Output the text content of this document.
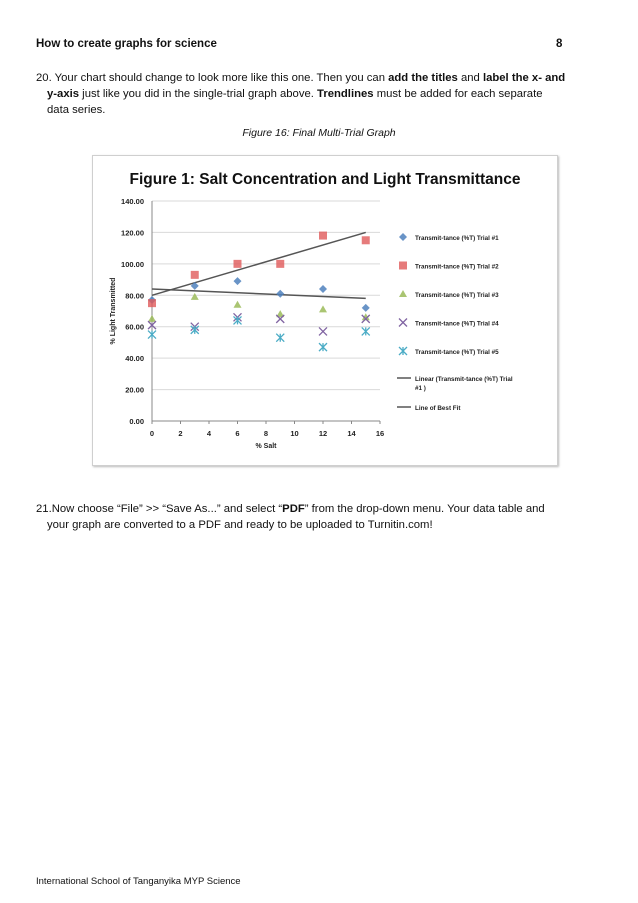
How to create graphs for science	8
20. Your chart should change to look more like this one. Then you can add the titles and label the x- and
y-axis just like you did in the single-trial graph above. Trendlines must be added for each separate
data series.
Figure 16: Final Multi-Trial Graph
Figure 1: Salt Concentration and Light Transmittance
0.00
20.00
40.00
60.00
80.00
100.00
120.00
140.00
0	2	4	6	8	10	12	14	16
% Salt
% Light Transmitted
Transmit-tance (%T) Trial #1
Transmit-tance (%T) Trial #2
Transmit-tance (%T) Trial #3
Transmit-tance (%T) Trial #4
Transmit-tance (%T) Trial #5
Linear (Transmit-tance (%T) Trial
#1 )
Line of Best Fit
21.Now choose “File” >> “Save As...” and select “PDF” from the drop-down menu. Your data table and
your graph are converted to a PDF and ready to be uploaded to Turnitin.com!
International School of Tanganyika MYP Science
